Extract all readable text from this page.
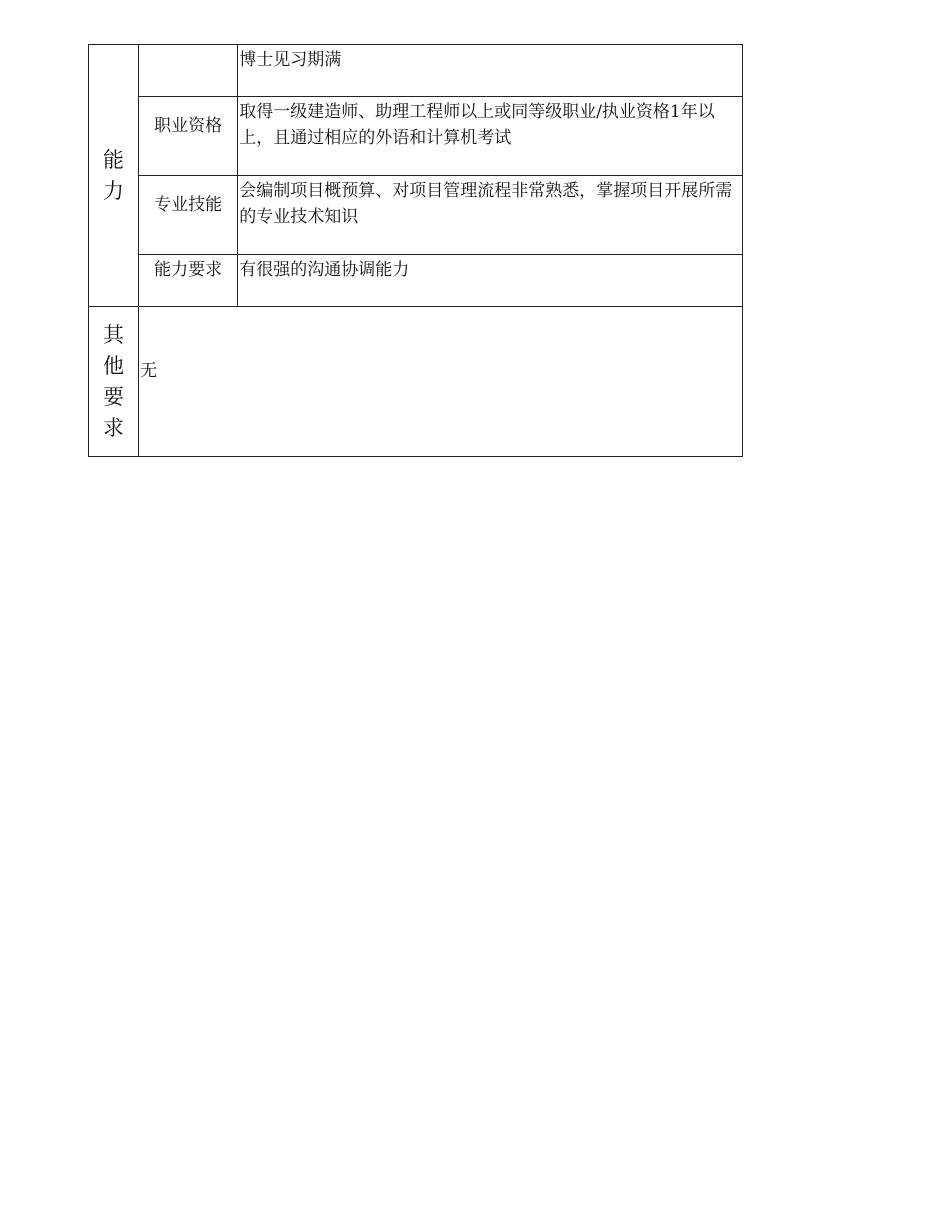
能力		博士见习期满

	职业资格	取得一级建造师、助理工程师以上或同等级职业/执业资格1年以上，且通过相应的外语和计算机考试

	专业技能	会编制项目概预算、对项目管理流程非常熟悉，掌握项目开展所需的专业技术知识

	能力要求	有很强的沟通协调能力

其他要求	无	
